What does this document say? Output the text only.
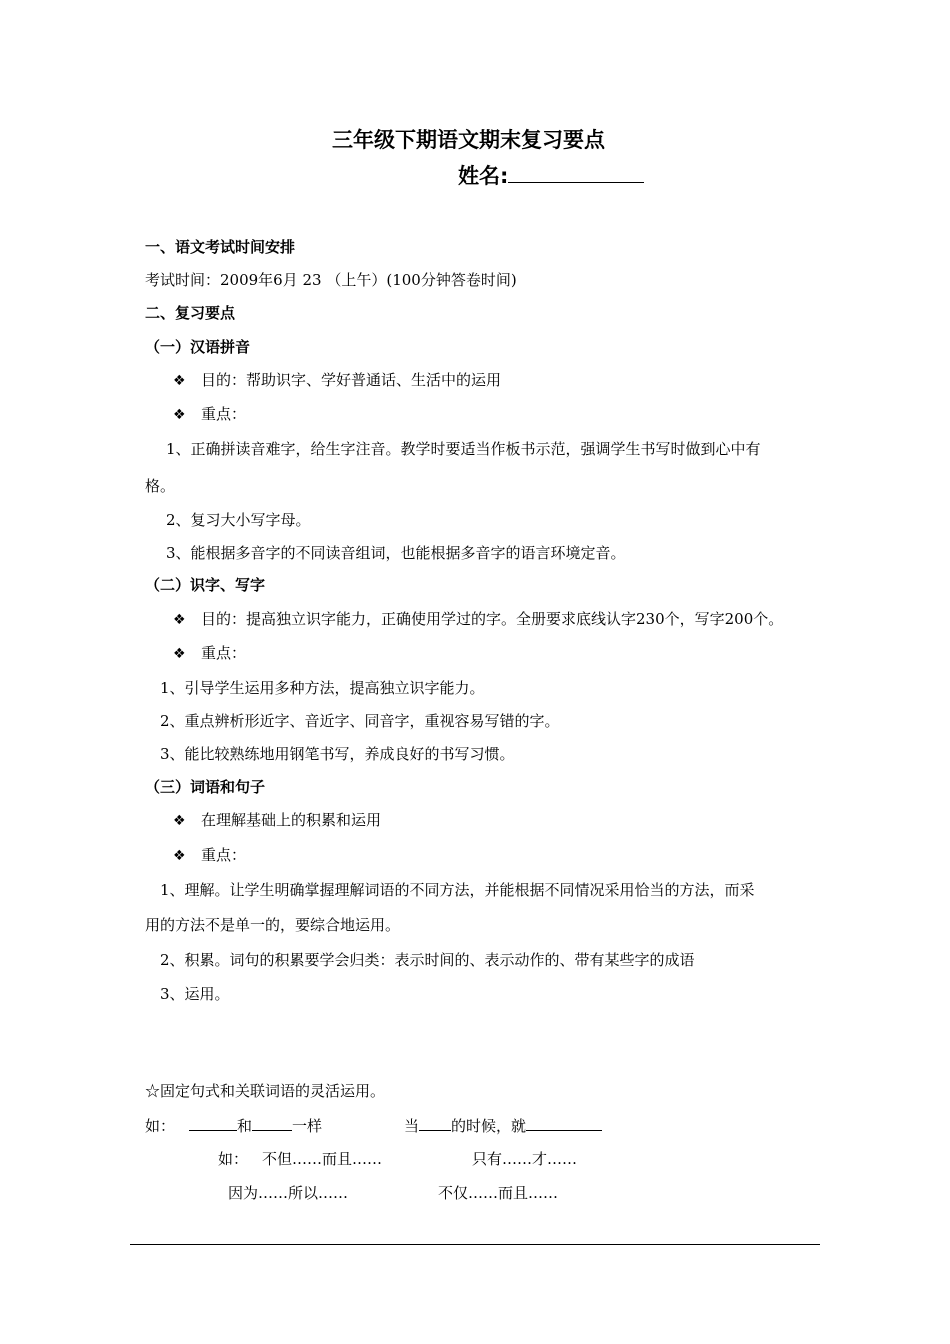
三年级下期语文期末复习要点
姓名:
一、语文考试时间安排
考试时间：2009年6月 23 （上午）(100分钟答卷时间)
二、复习要点
（一）汉语拼音
❖ 目的：帮助识字、学好普通话、生活中的运用
❖ 重点：
1、正确拼读音难字，给生字注音。教学时要适当作板书示范，强调学生书写时做到心中有
格。
2、复习大小写字母。
3、能根据多音字的不同读音组词，也能根据多音字的语言环境定音。
（二）识字、写字
❖ 目的：提高独立识字能力，正确使用学过的字。全册要求底线认字230个，写字200个。
❖ 重点：
1、引导学生运用多种方法，提高独立识字能力。
2、重点辨析形近字、音近字、同音字，重视容易写错的字。
3、能比较熟练地用钢笔书写，养成良好的书写习惯。
（三）词语和句子
❖ 在理解基础上的积累和运用
❖ 重点：
1、理解。让学生明确掌握理解词语的不同方法，并能根据不同情况采用恰当的方法，而采
用的方法不是单一的，要综合地运用。
2、积累。词句的积累要学会归类：表示时间的、表示动作的、带有某些字的成语
3、运用。
☆固定句式和关联词语的灵活运用。
如：	和	一样	当 的时候，就
如： 不但……而且……	只有……才……
因为……所以……	不仅……而且……
